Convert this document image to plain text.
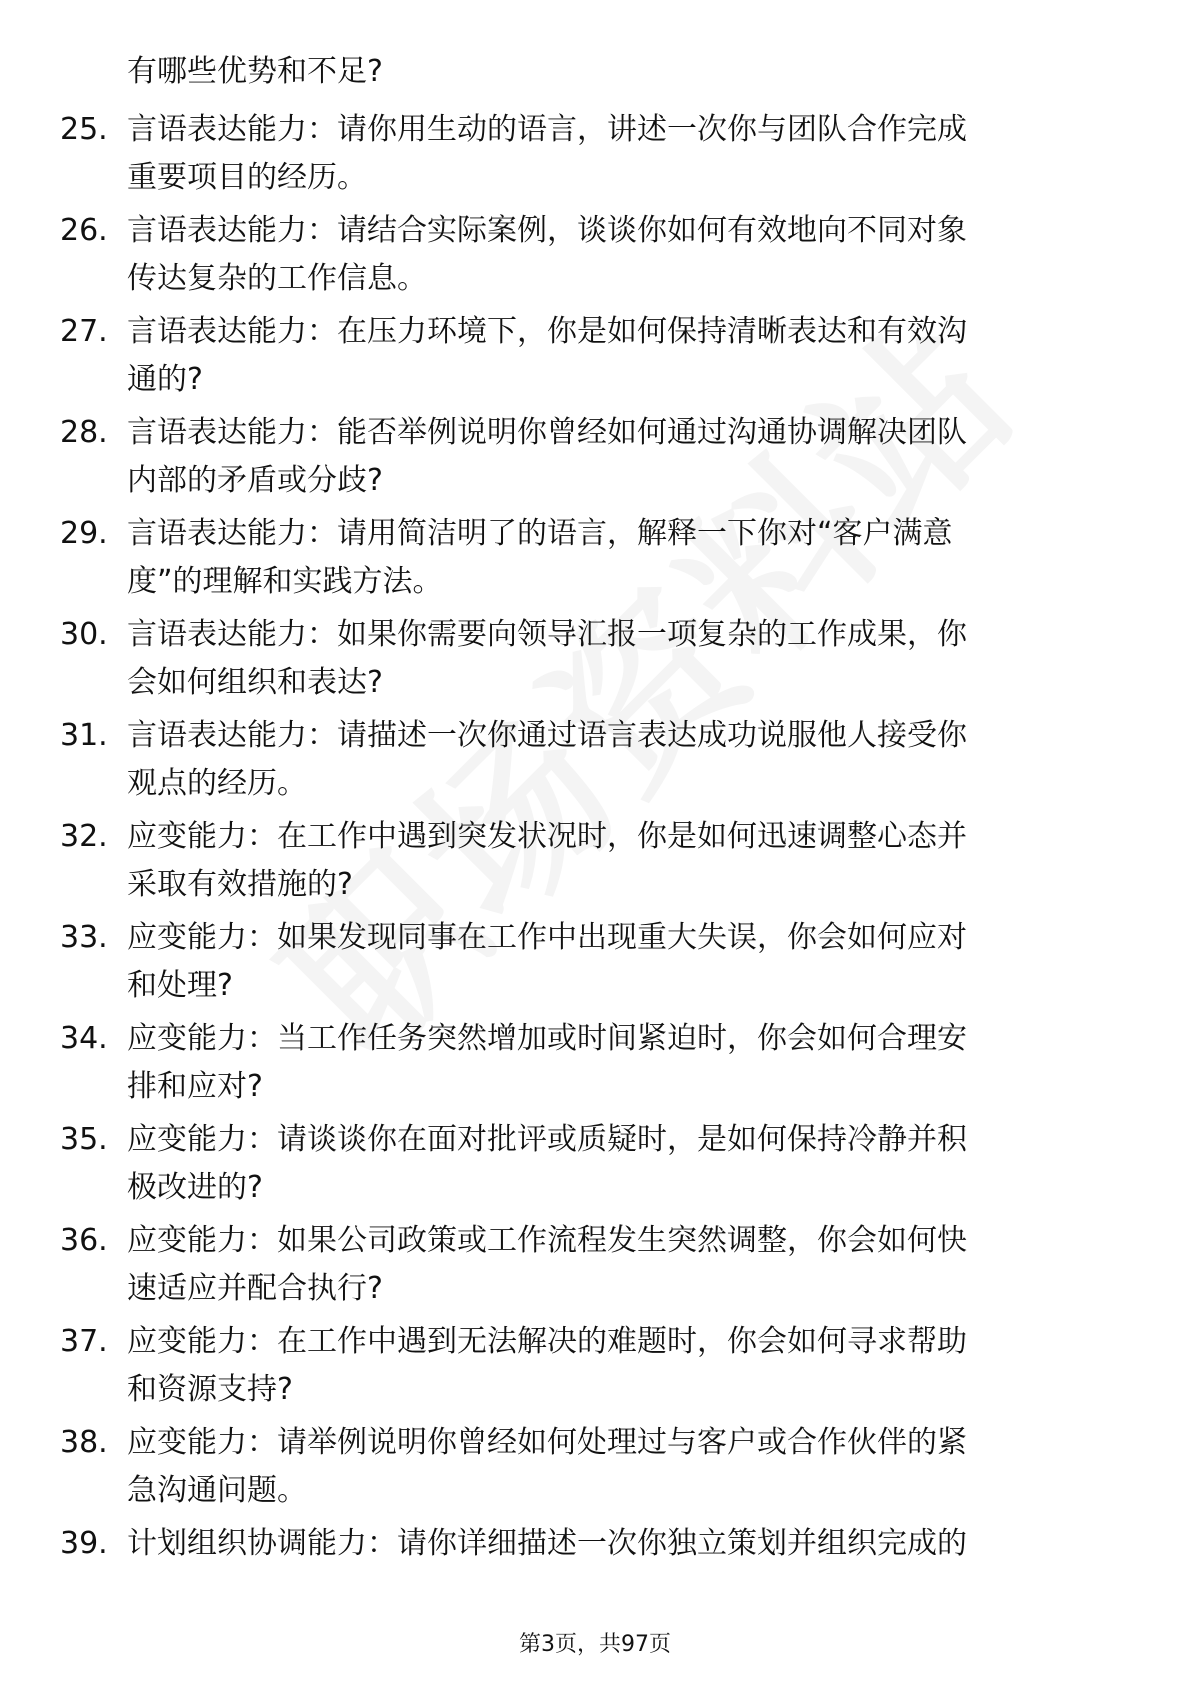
有哪些优势和不足?
25. 言语表达能力：请你用生动的语言，讲述一次你与团队合作完成
重要项目的经历。
26. 言语表达能力：请结合实际案例，谈谈你如何有效地向不同对象
传达复杂的工作信息。
27. 言语表达能力：在压力环境下，你是如何保持清晰表达和有效沟
通的?
28. 言语表达能力：能否举例说明你曾经如何通过沟通协调解决团队
内部的矛盾或分歧?
29. 言语表达能力：请用简洁明了的语言，解释一下你对“客户满意
度”的理解和实践方法。
30. 言语表达能力：如果你需要向领导汇报一项复杂的工作成果，你
会如何组织和表达?
31. 言语表达能力：请描述一次你通过语言表达成功说服他人接受你
观点的经历。
32. 应变能力：在工作中遇到突发状况时，你是如何迅速调整心态并
采取有效措施的?
33. 应变能力：如果发现同事在工作中出现重大失误，你会如何应对
和处理?
34. 应变能力：当工作任务突然增加或时间紧迫时，你会如何合理安
排和应对?
35. 应变能力：请谈谈你在面对批评或质疑时，是如何保持冷静并积
极改进的?
36. 应变能力：如果公司政策或工作流程发生突然调整，你会如何快
速适应并配合执行?
37. 应变能力：在工作中遇到无法解决的难题时，你会如何寻求帮助
和资源支持?
38. 应变能力：请举例说明你曾经如何处理过与客户或合作伙伴的紧
急沟通问题。
39. 计划组织协调能力：请你详细描述一次你独立策划并组织完成的
第3页，共97页
